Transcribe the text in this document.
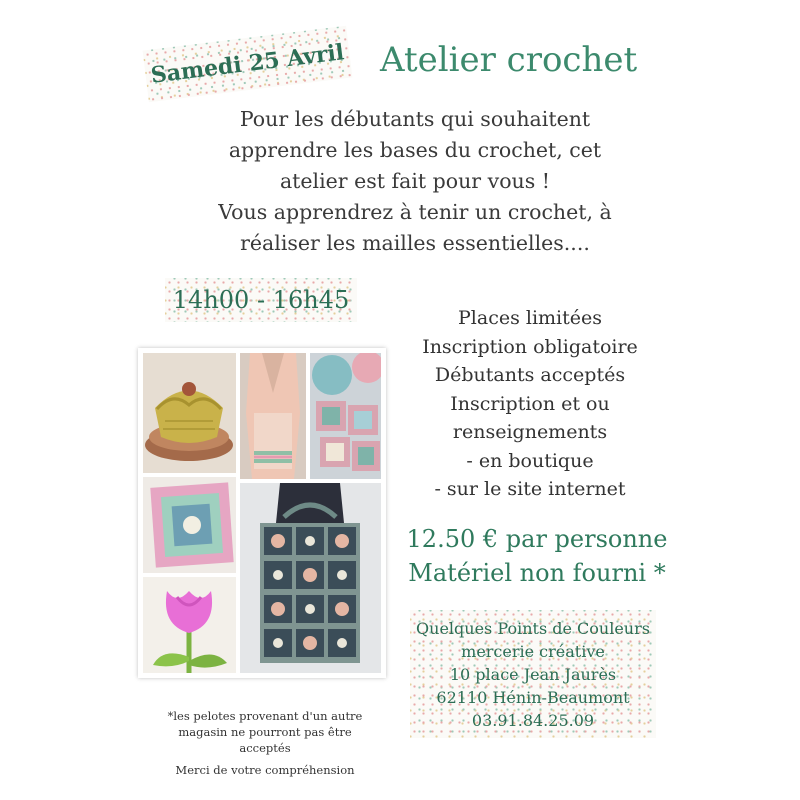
Samedi 25 Avril Atelier crochet
Pour les débutants qui souhaitent
apprendre les bases du crochet, cet
atelier est fait pour vous !
Vous apprendrez à tenir un crochet, à
réaliser les mailles essentielles....
14h00 - 16h45
Places limitées
Inscription obligatoire
Débutants acceptés
Inscription et ou
renseignements
- en boutique
- sur le site internet
12.50 € par personne
Matériel non fourni *
Quelques Points de Couleurs
mercerie créative
10 place Jean Jaurès
62110 Hénin-Beaumont
03.91.84.25.09
*les pelotes provenant d'un autre
magasin ne pourront pas être
acceptés
Merci de votre compréhension
